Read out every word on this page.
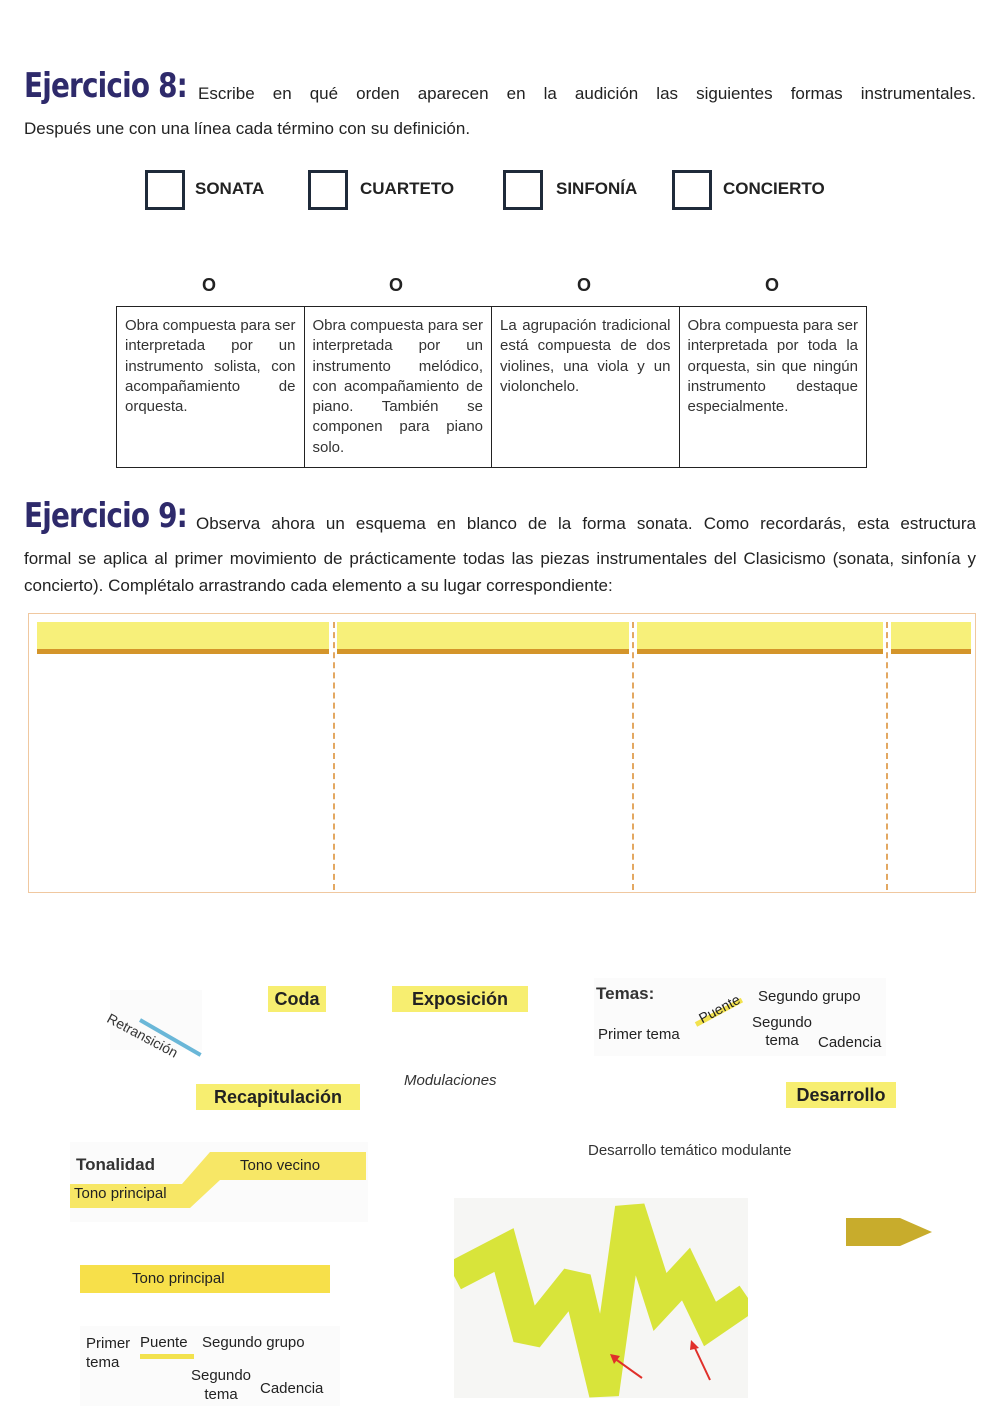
Ejercicio 8: Escribe en qué orden aparecen en la audición las siguientes formas instrumentales.
Después une con una línea cada término con su definición.
SONATA	CUARTETO	SINFONÍA	CONCIERTO
O	O	O	O
Obra compuesta para ser interpretada por un instrumento solista, con acompañamiento de orquesta.	Obra compuesta para ser interpretada por un instrumento melódico, con acompañamiento de piano. También se componen para piano solo.	La agrupación tradicional está compuesta de dos violines, una viola y un violonchelo.	Obra compuesta para ser interpretada por toda la orquesta, sin que ningún instrumento destaque especialmente.
Ejercicio 9: Observa ahora un esquema en blanco de la forma sonata. Como recordarás, esta estructura
formal se aplica al primer movimiento de prácticamente todas las piezas instrumentales del Clasicismo (sonata, sinfonía y concierto). Complétalo arrastrando cada elemento a su lugar correspondiente:
Retransición
Coda	Exposición
Recapitulación
Modulaciones
Desarrollo
Desarrollo temático modulante
Temas:	Segundo grupo
Puente Segundo tema
Primer tema	Cadencia
Tonalidad	Tono vecino
Tono principal
Tono principal
Primer tema
Puente Segundo grupo
Segundo tema	Cadencia
